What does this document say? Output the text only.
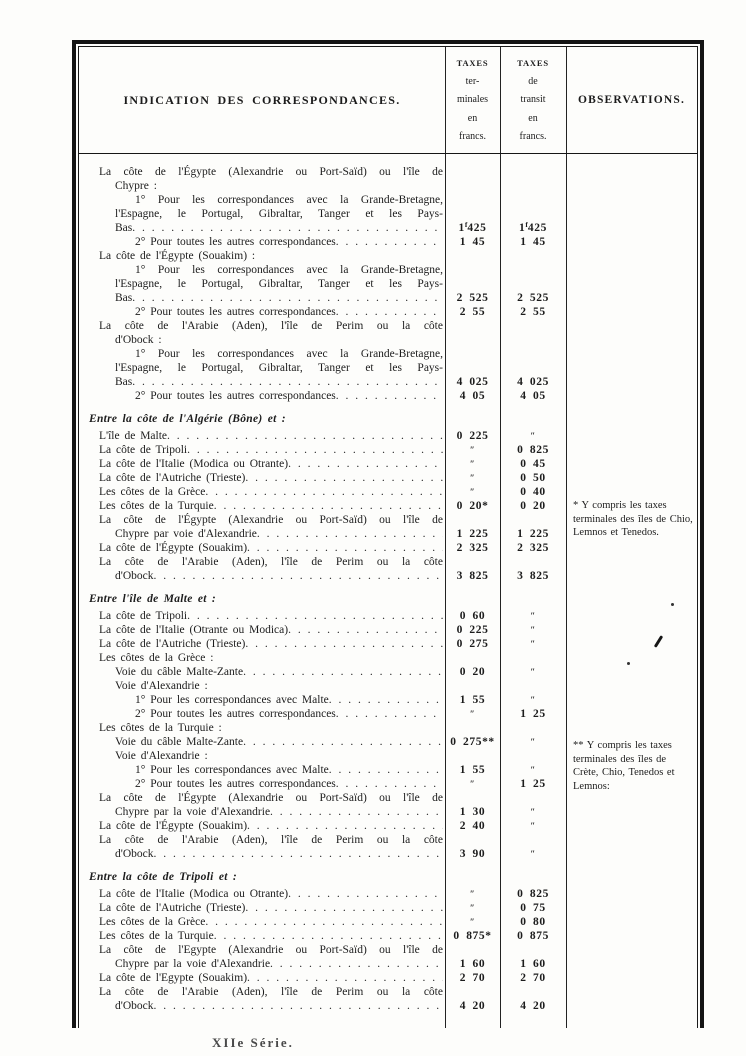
INDICATION DES CORRESPONDANCES.
TAXES
ter-
minales
en
francs.
TAXES
de
transit
en
francs.
OBSERVATIONS.
La côte de l'Égypte (Alexandrie ou Port-Saïd) ou l'île de
Chypre :
1° Pour les correspondances avec la Grande-Bretagne,
l'Espagne, le Portugal, Gibraltar, Tanger et les Pays-
Bas . . .	1$^f$425	1$^f$425
2° Pour toutes les autres correspondances . . .	1 45	1 45
La côte de l'Égypte (Souakim) :
1° Pour les correspondances avec la Grande-Bretagne,
l'Espagne, le Portugal, Gibraltar, Tanger et les Pays-
Bas . . .	2 525	2 525
2° Pour toutes les autres correspondances . . .	2 55	2 55
La côte de l'Arabie (Aden), l'île de Perim ou la côte
d'Obock :
1° Pour les correspondances avec la Grande-Bretagne,
l'Espagne, le Portugal, Gibraltar, Tanger et les Pays-
Bas . . .	4 025	4 025
2° Pour toutes les autres correspondances . . .	4 05	4 05
Entre la côte de l'Algérie (Bône) et :
L'île de Malte . . .	0 225	″
La côte de Tripoli . . .	″	0 825
La côte de l'Italie (Modica ou Otrante) . . .	″	0 45
La côte de l'Autriche (Trieste) . . .	″	0 50
Les côtes de la Grèce . . .	″	0 40
Les côtes de la Turquie . . .	0 20*	0 20
La côte de l'Égypte (Alexandrie ou Port-Saïd) ou l'île de
Chypre par voie d'Alexandrie . . .	1 225	1 225
La côte de l'Égypte (Souakim) . . .	2 325	2 325
La côte de l'Arabie (Aden), l'île de Perim ou la côte
d'Obock . . .	3 825	3 825
Entre l'île de Malte et :
La côte de Tripoli . . .	0 60	″
La côte de l'Italie (Otrante ou Modica) . . .	0 225	″
La côte de l'Autriche (Trieste) . . .	0 275	″
Les côtes de la Grèce :
Voie du câble Malte-Zante . . .	0 20	″
Voie d'Alexandrie :
1° Pour les correspondances avec Malte . . .	1 55	″
2° Pour toutes les autres correspondances . . .	″	1 25
Les côtes de la Turquie :
Voie du câble Malte-Zante . . .	0 275**	″
Voie d'Alexandrie :
1° Pour les correspondances avec Malte . . .	1 55	″
2° Pour toutes les autres correspondances . . .	″	1 25
La côte de l'Égypte (Alexandrie ou Port-Saïd) ou l'île de
Chypre par la voie d'Alexandrie . . .	1 30	″
La côte de l'Égypte (Souakim) . . .	2 40	″
La côte de l'Arabie (Aden), l'île de Perim ou la côte
d'Obock . . .	3 90	″
Entre la côte de Tripoli et :
La côte de l'Italie (Modica ou Otrante) . . .	″	0 825
La côte de l'Autriche (Trieste) . . .	″	0 75
Les côtes de la Grèce . . .	″	0 80
Les côtes de la Turquie . . .	0 875*	0 875
La côte de l'Egypte (Alexandrie ou Port-Saïd) ou l'île de
Chypre par la voie d'Alexandrie . . .	1 60	1 60
La côte de l'Egypte (Souakim) . . .	2 70	2 70
La côte de l'Arabie (Aden), l'île de Perim ou la côte
d'Obock . . .	4 20	4 20
* Y compris les taxes terminales des îles de Chio, Lemnos et Tenedos.
** Y compris les taxes terminales des îles de Crète, Chio, Tenedos et Lemnos:
XIIe Série.
